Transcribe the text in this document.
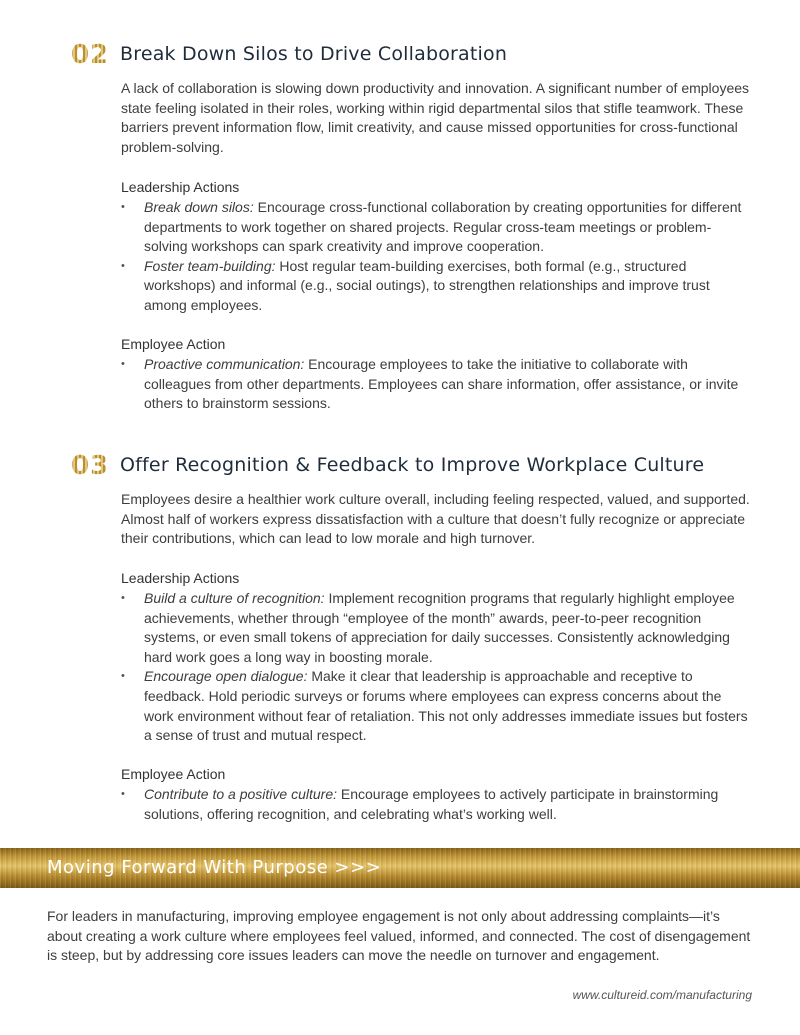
02 Break Down Silos to Drive Collaboration
A lack of collaboration is slowing down productivity and innovation. A significant number of employees state feeling isolated in their roles, working within rigid departmental silos that stifle teamwork. These barriers prevent information flow, limit creativity, and cause missed opportunities for cross-functional problem-solving.
Leadership Actions
• Break down silos: Encourage cross-functional collaboration by creating opportunities for different departments to work together on shared projects. Regular cross-team meetings or problem-solving workshops can spark creativity and improve cooperation.
• Foster team-building: Host regular team-building exercises, both formal (e.g., structured workshops) and informal (e.g., social outings), to strengthen relationships and improve trust among employees.
Employee Action
• Proactive communication: Encourage employees to take the initiative to collaborate with colleagues from other departments. Employees can share information, offer assistance, or invite others to brainstorm sessions.
03 Offer Recognition & Feedback to Improve Workplace Culture
Employees desire a healthier work culture overall, including feeling respected, valued, and supported. Almost half of workers express dissatisfaction with a culture that doesn’t fully recognize or appreciate their contributions, which can lead to low morale and high turnover.
Leadership Actions
• Build a culture of recognition: Implement recognition programs that regularly highlight employee achievements, whether through “employee of the month” awards, peer-to-peer recognition systems, or even small tokens of appreciation for daily successes. Consistently acknowledging hard work goes a long way in boosting morale.
• Encourage open dialogue: Make it clear that leadership is approachable and receptive to feedback. Hold periodic surveys or forums where employees can express concerns about the work environment without fear of retaliation. This not only addresses immediate issues but fosters a sense of trust and mutual respect.
Employee Action
• Contribute to a positive culture: Encourage employees to actively participate in brainstorming solutions, offering recognition, and celebrating what’s working well.
Moving Forward With Purpose >>>
For leaders in manufacturing, improving employee engagement is not only about addressing complaints—it’s about creating a work culture where employees feel valued, informed, and connected. The cost of disengagement is steep, but by addressing core issues leaders can move the needle on turnover and engagement.
www.cultureid.com/manufacturing
